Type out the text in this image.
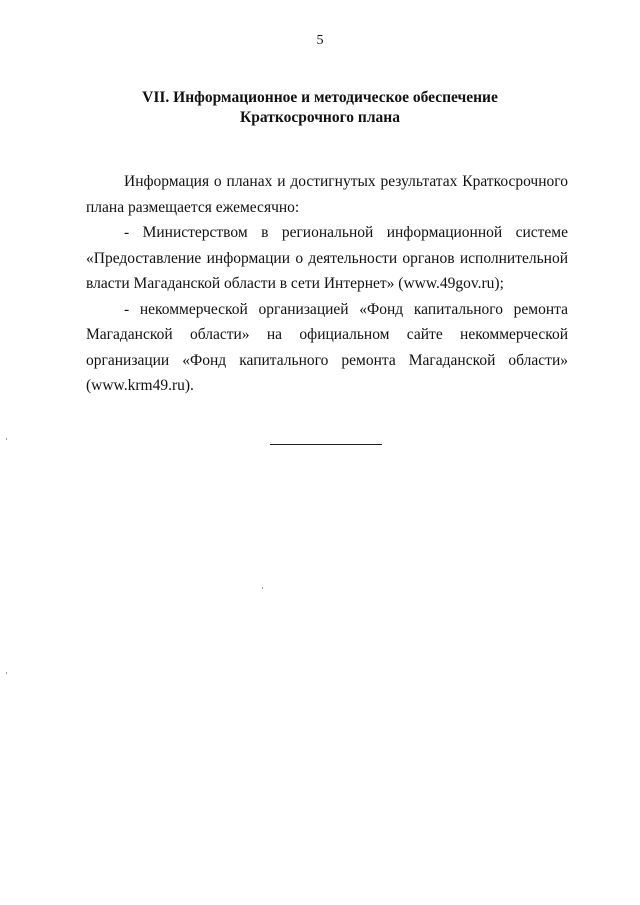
5
VII. Информационное и методическое обеспечение
Краткосрочного плана

Информация о планах и достигнутых результатах Краткосрочного плана размещается ежемесячно:

- Министерством в региональной информационной системе «Предоставление информации о деятельности органов исполнительной власти Магаданской области в сети Интернет» (www.49gov.ru);

- некоммерческой организацией «Фонд капитального ремонта Магаданской области» на официальном сайте некоммерческой организации «Фонд капитального ремонта Магаданской области» (www.krm49.ru).
